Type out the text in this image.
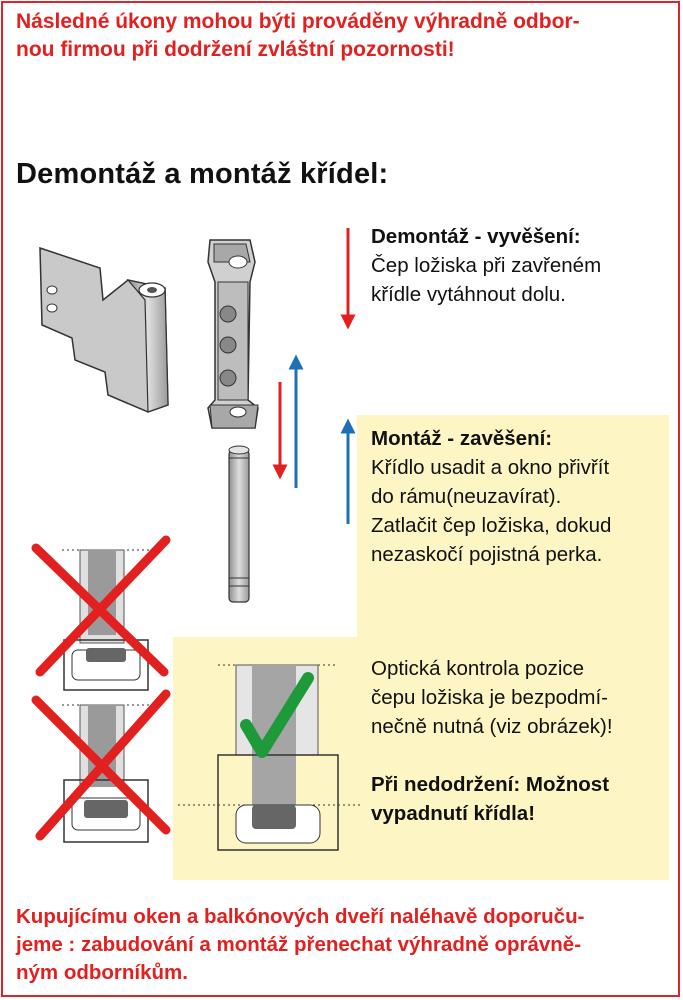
Následné úkony mohou býti prováděny výhradně odbor-
nou firmou při dodržení zvláštní pozornosti!
Demontáž a montáž křídel:
Demontáž - vyvěšení:
Čep ložiska při zavřeném
křídle vytáhnout dolu.
Montáž - zavěšení:
Křídlo usadit a okno přivřít
do rámu(neuzavírat).
Zatlačit čep ložiska, dokud
nezaskočí pojistná perka.
Optická kontrola pozice
čepu ložiska je bezpodmí-
nečně nutná (viz obrázek)!
Při nedodržení: Možnost
vypadnutí křídla!
Kupujícímu oken a balkónových dveří naléhavě doporuču-
jeme : zabudování a montáž přenechat výhradně oprávně-
ným odborníkům.
